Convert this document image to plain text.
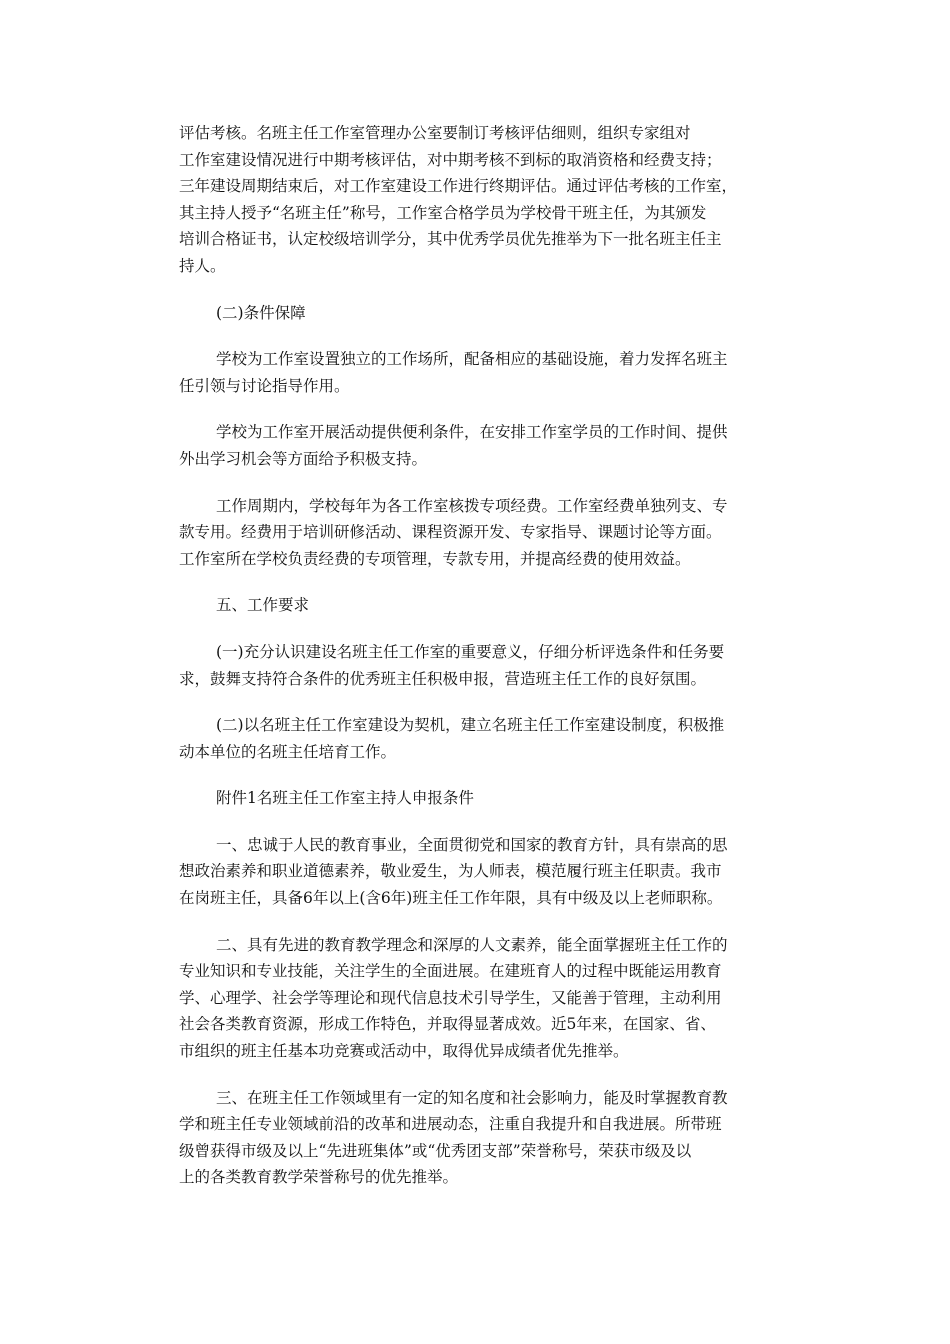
评估考核。名班主任工作室管理办公室要制订考核评估细则，组织专家组对
工作室建设情况进行中期考核评估，对中期考核不到标的取消资格和经费支持；
三年建设周期结束后，对工作室建设工作进行终期评估。通过评估考核的工作室，
其主持人授予“名班主任”称号，工作室合格学员为学校骨干班主任，为其颁发
培训合格证书，认定校级培训学分，其中优秀学员优先推举为下一批名班主任主
持人。
(二)条件保障
学校为工作室设置独立的工作场所，配备相应的基础设施，着力发挥名班主
任引领与讨论指导作用。
学校为工作室开展活动提供便利条件，在安排工作室学员的工作时间、提供
外出学习机会等方面给予积极支持。
工作周期内，学校每年为各工作室核拨专项经费。工作室经费单独列支、专
款专用。经费用于培训研修活动、课程资源开发、专家指导、课题讨论等方面。
工作室所在学校负责经费的专项管理，专款专用，并提高经费的使用效益。
五、工作要求
(一)充分认识建设名班主任工作室的重要意义，仔细分析评选条件和任务要
求，鼓舞支持符合条件的优秀班主任积极申报，营造班主任工作的良好氛围。
(二)以名班主任工作室建设为契机，建立名班主任工作室建设制度，积极推
动本单位的名班主任培育工作。
附件1名班主任工作室主持人申报条件
一、忠诚于人民的教育事业，全面贯彻党和国家的教育方针，具有崇高的思
想政治素养和职业道德素养，敬业爱生，为人师表，模范履行班主任职责。我市
在岗班主任，具备6年以上(含6年)班主任工作年限，具有中级及以上老师职称。
二、具有先进的教育教学理念和深厚的人文素养，能全面掌握班主任工作的
专业知识和专业技能，关注学生的全面进展。在建班育人的过程中既能运用教育
学、心理学、社会学等理论和现代信息技术引导学生，又能善于管理，主动利用
社会各类教育资源，形成工作特色，并取得显著成效。近5年来，在国家、省、
市组织的班主任基本功竞赛或活动中，取得优异成绩者优先推举。
三、在班主任工作领域里有一定的知名度和社会影响力，能及时掌握教育教
学和班主任专业领域前沿的改革和进展动态，注重自我提升和自我进展。所带班
级曾获得市级及以上“先进班集体”或“优秀团支部”荣誉称号，荣获市级及以
上的各类教育教学荣誉称号的优先推举。
